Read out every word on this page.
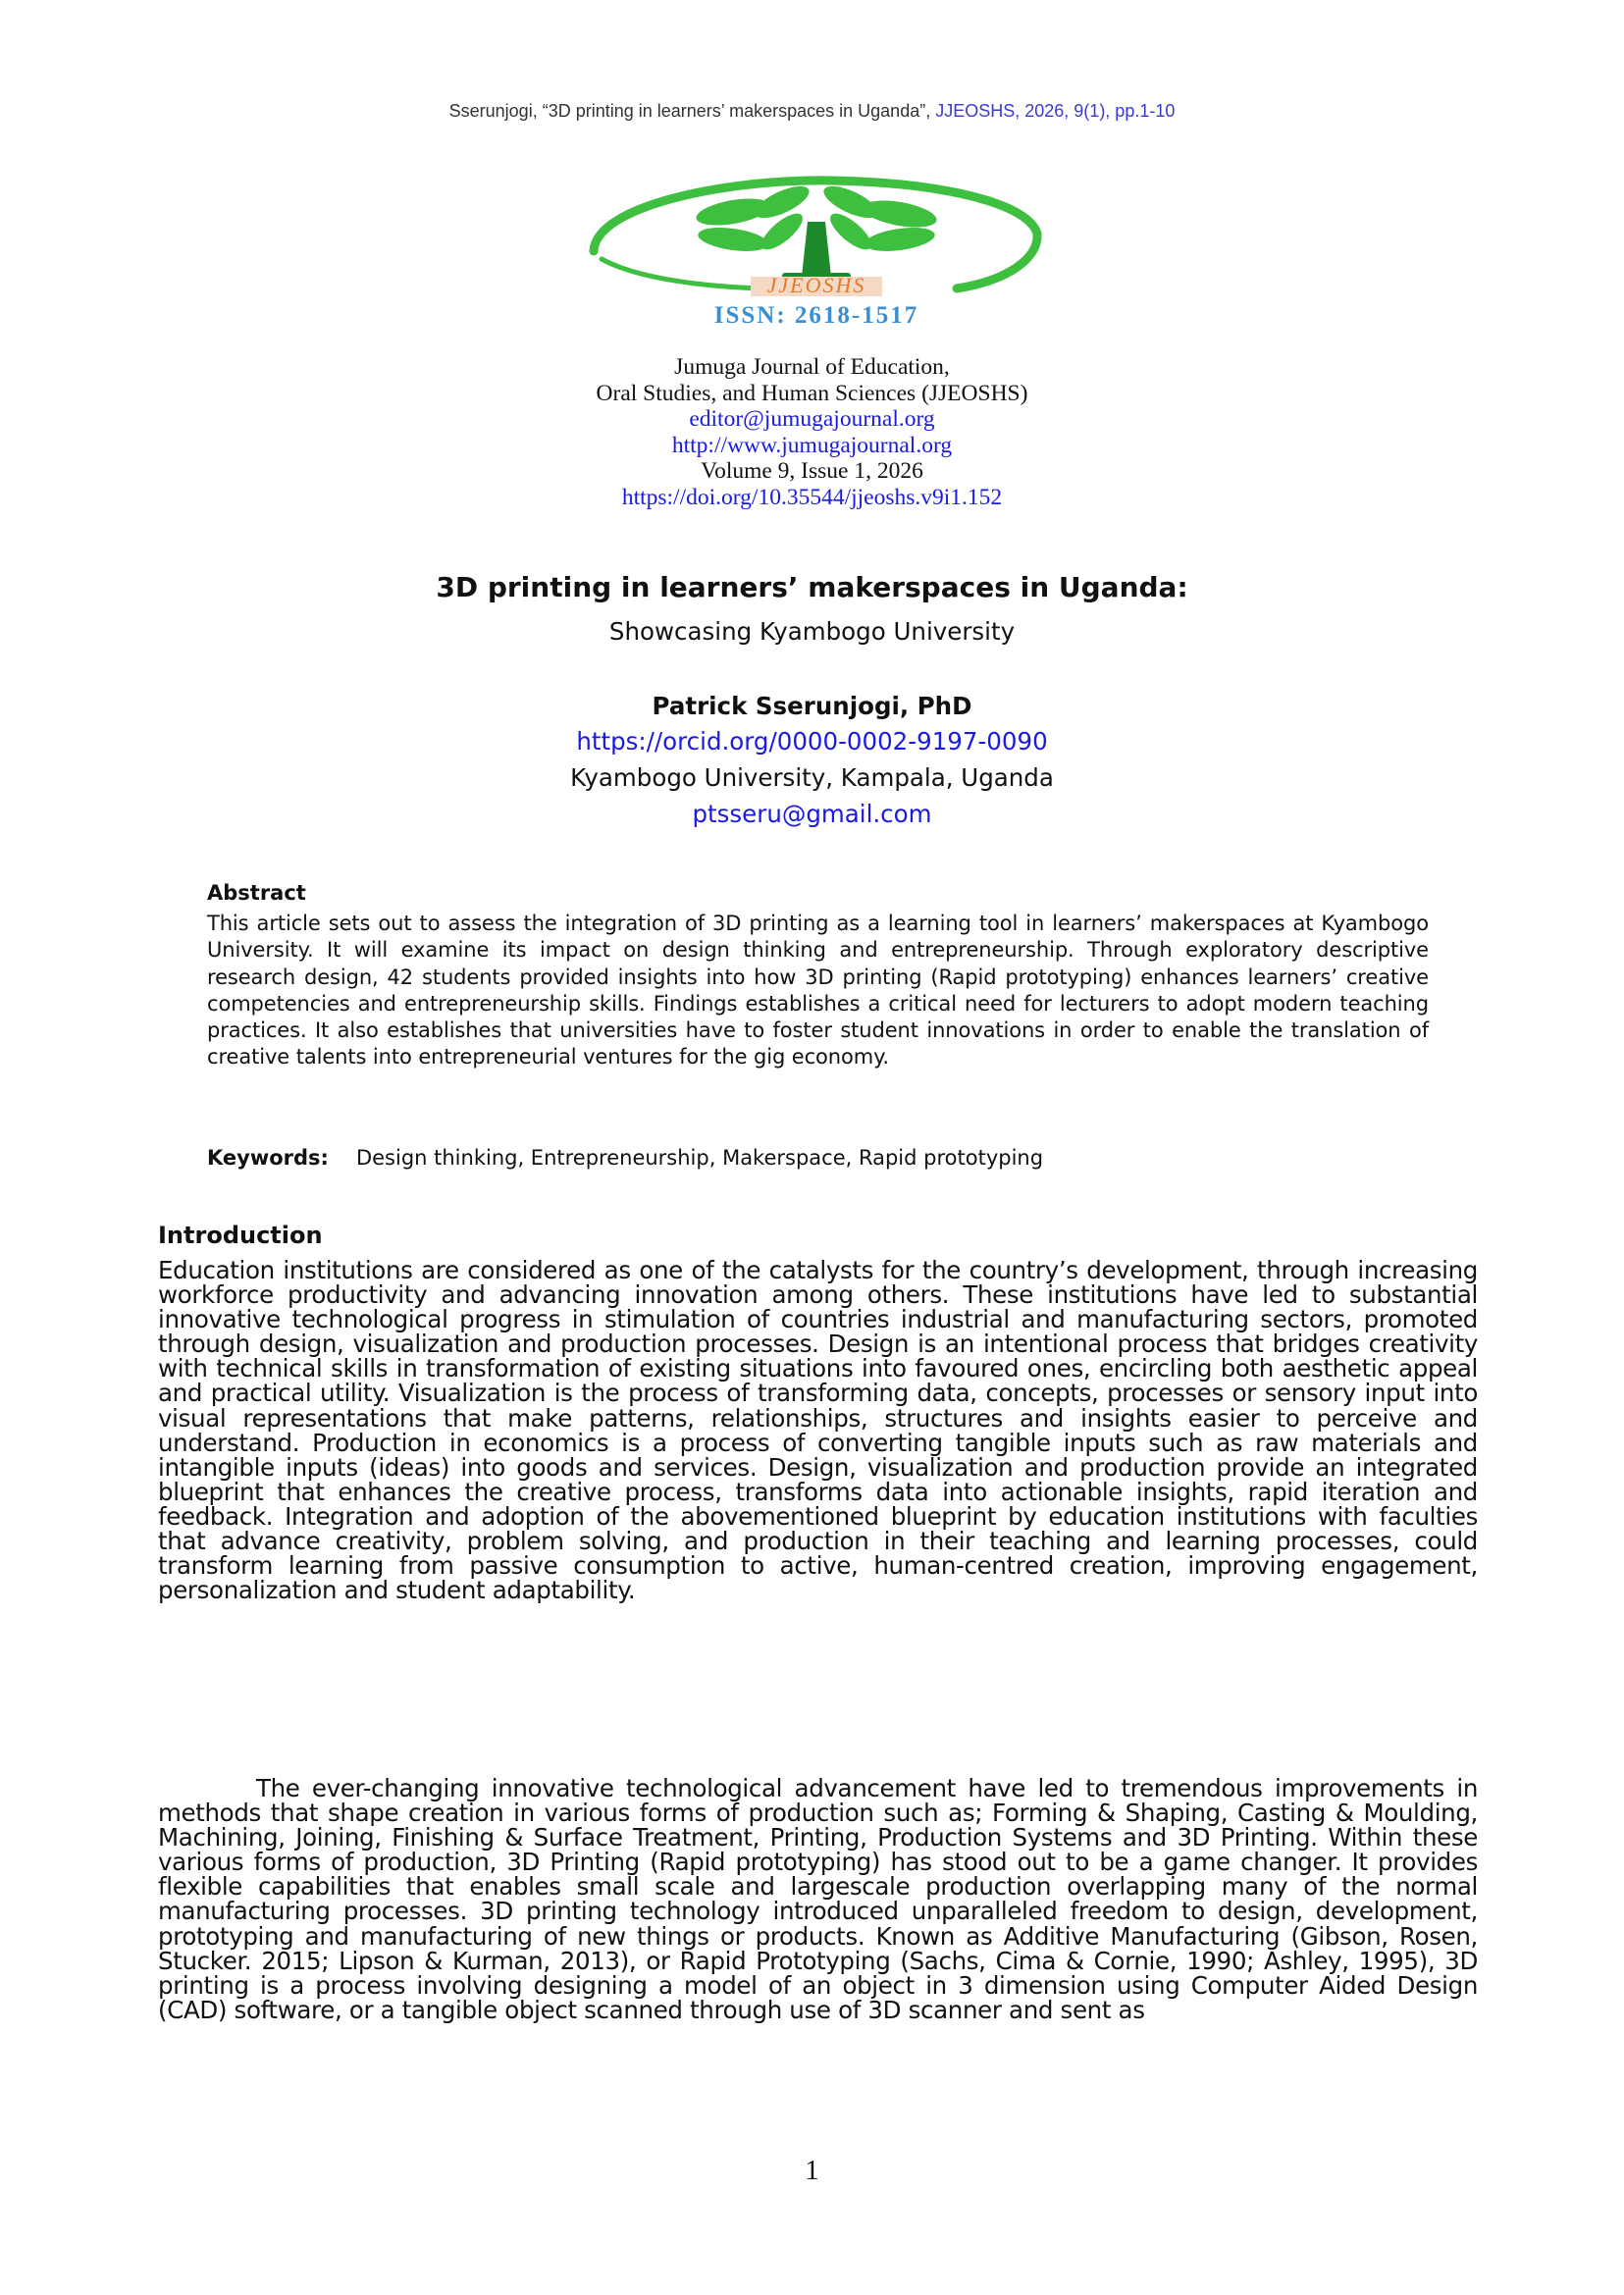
Sserunjogi, “3D printing in learners’ makerspaces in Uganda”, JJEOSHS, 2026, 9(1), pp.1-10
JJEOSHS
ISSN: 2618-1517
Jumuga Journal of Education,
Oral Studies, and Human Sciences (JJEOSHS)
editor@jumugajournal.org
http://www.jumugajournal.org
Volume 9, Issue 1, 2026
https://doi.org/10.35544/jjeoshs.v9i1.152
3D printing in learners’ makerspaces in Uganda:
Showcasing Kyambogo University
Patrick Sserunjogi, PhD
https://orcid.org/0000-0002-9197-0090
Kyambogo University, Kampala, Uganda
ptsseru@gmail.com
Abstract
This article sets out to assess the integration of 3D printing as a learning tool in learners’ makerspaces at Kyambogo University. It will examine its impact on design thinking and entrepreneurship. Through exploratory descriptive research design, 42 students provided insights into how 3D printing (Rapid prototyping) enhances learners’ creative competencies and entrepreneurship skills. Findings establishes a critical need for lecturers to adopt modern teaching practices. It also establishes that universities have to foster student innovations in order to enable the translation of creative talents into entrepreneurial ventures for the gig economy.
Keywords: Design thinking, Entrepreneurship, Makerspace, Rapid prototyping
Introduction

Education institutions are considered as one of the catalysts for the country’s development, through increasing workforce productivity and advancing innovation among others. These institutions have led to substantial innovative technological progress in stimulation of countries industrial and manufacturing sectors, promoted through design, visualization and production processes. Design is an intentional process that bridges creativity with technical skills in transformation of existing situations into favoured ones, encircling both aesthetic appeal and practical utility. Visualization is the process of transforming data, concepts, processes or sensory input into visual representations that make patterns, relationships, structures and insights easier to perceive and understand. Production in economics is a process of converting tangible inputs such as raw materials and intangible inputs (ideas) into goods and services. Design, visualization and production provide an integrated blueprint that enhances the creative process, transforms data into actionable insights, rapid iteration and feedback. Integration and adoption of the abovementioned blueprint by education institutions with faculties that advance creativity, problem solving, and production in their teaching and learning processes, could transform learning from passive consumption to active, human-centred creation, improving engagement, personalization and student adaptability.

The ever-changing innovative technological advancement have led to tremendous improvements in methods that shape creation in various forms of production such as; Forming & Shaping, Casting & Moulding, Machining, Joining, Finishing & Surface Treatment, Printing, Production Systems and 3D Printing. Within these various forms of production, 3D Printing (Rapid prototyping) has stood out to be a game changer. It provides flexible capabilities that enables small scale and largescale production overlapping many of the normal manufacturing processes. 3D printing technology introduced unparalleled freedom to design, development, prototyping and manufacturing of new things or products. Known as Additive Manufacturing (Gibson, Rosen, Stucker. 2015; Lipson & Kurman, 2013), or Rapid Prototyping (Sachs, Cima & Cornie, 1990; Ashley, 1995), 3D printing is a process involving designing a model of an object in 3 dimension using Computer Aided Design (CAD) software, or a tangible object scanned through use of 3D scanner and sent as

1
